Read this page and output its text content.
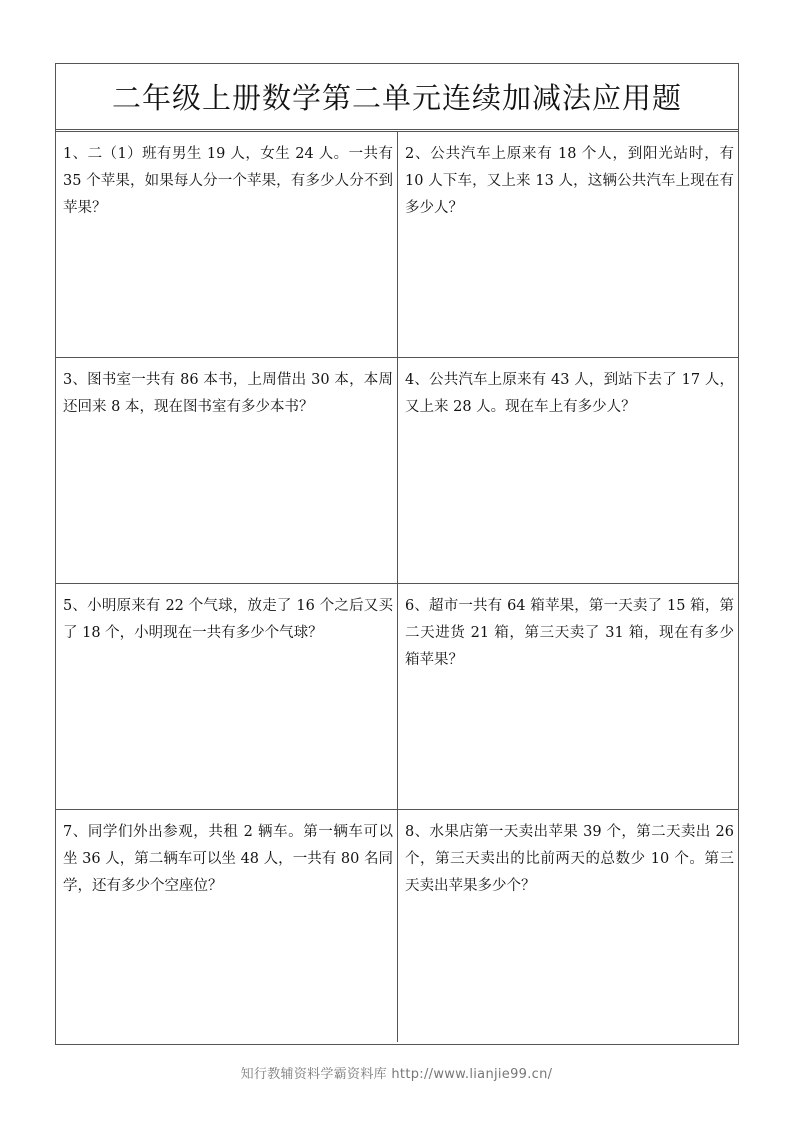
二年级上册数学第二单元连续加减法应用题
1、二（1）班有男生 19 人，女生 24 人。一共有 35 个苹果，如果每人分一个苹果，有多少人分不到苹果？
2、公共汽车上原来有 18 个人，到阳光站时，有 10 人下车，又上来 13 人，这辆公共汽车上现在有多少人？
3、图书室一共有 86 本书，上周借出 30 本，本周还回来 8 本，现在图书室有多少本书？
4、公共汽车上原来有 43 人，到站下去了 17 人，又上来 28 人。现在车上有多少人？
5、小明原来有 22 个气球，放走了 16 个之后又买了 18 个，小明现在一共有多少个气球？
6、超市一共有 64 箱苹果，第一天卖了 15 箱，第二天进货 21 箱，第三天卖了 31 箱，现在有多少箱苹果？
7、同学们外出参观，共租 2 辆车。第一辆车可以坐 36 人，第二辆车可以坐 48 人，一共有 80 名同学，还有多少个空座位？
8、水果店第一天卖出苹果 39 个，第二天卖出 26 个，第三天卖出的比前两天的总数少 10 个。第三天卖出苹果多少个？
知行教辅资料学霸资料库 http://www.lianjie99.cn/
